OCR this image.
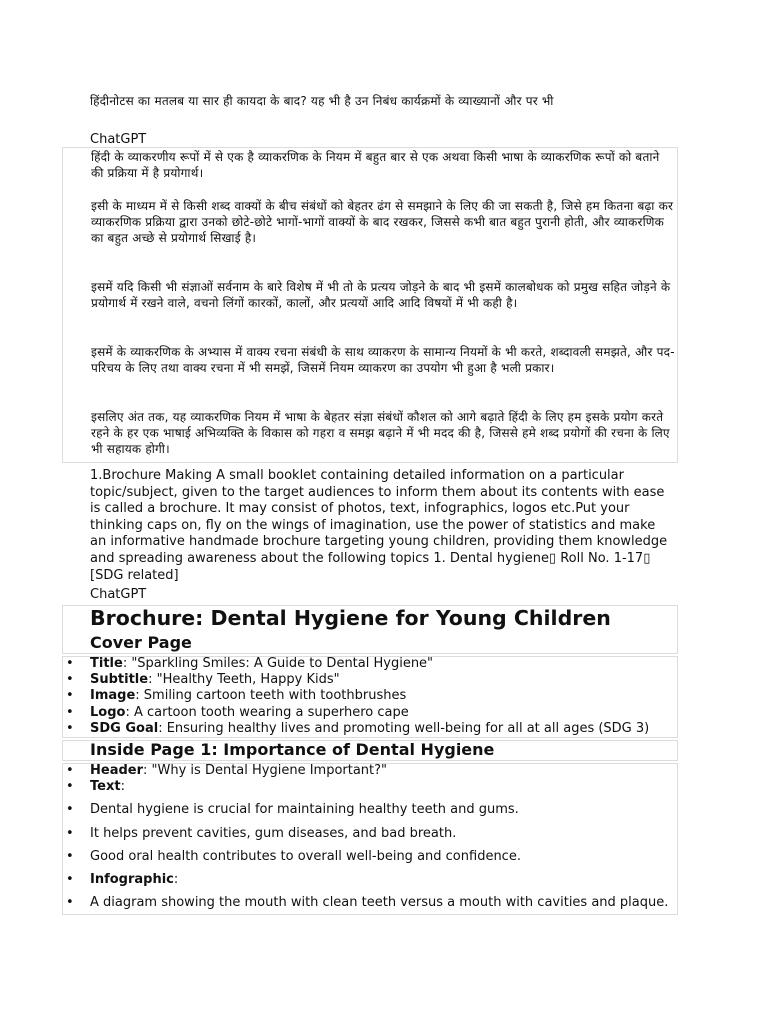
हिंदीनोटस का मतलब या सार ही कायदा के बाद? यह भी है उन निबंध कार्यक्रमों के व्याख्यानों और पर भी
ChatGPT

हिंदी के व्याकरणीय रूपों में से एक है व्याकरणिक के नियम में बहुत बार से एक अथवा किसी भाषा के व्याकरणिक रूपों को बताने की प्रक्रिया में है प्रयोगार्थ।

इसी के माध्यम में से किसी शब्द वाक्यों के बीच संबंधों को बेहतर ढंग से समझाने के लिए की जा सकती है, जिसे हम कितना बढ़ा कर व्याकरणिक प्रक्रिया द्वारा उनको छोटे-छोटे भागों-भागों वाक्यों के बाद रखकर, जिससे कभी बात बहुत पुरानी होती, और व्याकरणिक का बहुत अच्छे से प्रयोगार्थ सिखाई है।

इसमें यदि किसी भी संज्ञाओं सर्वनाम के बारे विशेष में भी तो के प्रत्यय जोड़ने के बाद भी इसमें कालबोधक को प्रमुख सहित जोड़ने के प्रयोगार्थ में रखने वाले, वचनो लिंगों कारकों, कालों, और प्रत्ययों आदि आदि विषयों में भी कही है।

इसमें के व्याकरणिक के अभ्यास में वाक्य रचना संबंधी के साथ व्याकरण के सामान्य नियमों के भी करते, शब्दावली समझते, और पद-परिचय के लिए तथा वाक्य रचना में भी समझें, जिसमें नियम व्याकरण का उपयोग भी हुआ है भली प्रकार।

इसलिए अंत तक, यह व्याकरणिक नियम में भाषा के बेहतर संज्ञा संबंधों कौशल को आगे बढ़ाते हिंदी के लिए हम इसके प्रयोग करते रहने के हर एक भाषाई अभिव्यक्ति के विकास को गहरा व समझ बढ़ाने में भी मदद की है, जिससे हमे शब्द प्रयोगों की रचना के लिए भी सहायक होगी।

1.Brochure Making A small booklet containing detailed information on a particular topic/subject, given to the target audiences to inform them about its contents with ease is called a brochure. It may consist of photos, text, infographics, logos etc.Put your thinking caps on, fly on the wings of imagination, use the power of statistics and make an informative handmade brochure targeting young children, providing them knowledge and spreading awareness about the following topics 1. Dental hygiene▯ Roll No. 1-17▯ [SDG related]
ChatGPT
Brochure: Dental Hygiene for Young Children
Cover Page
• Title: "Sparkling Smiles: A Guide to Dental Hygiene"
• Subtitle: "Healthy Teeth, Happy Kids"
• Image: Smiling cartoon teeth with toothbrushes
• Logo: A cartoon tooth wearing a superhero cape
• SDG Goal: Ensuring healthy lives and promoting well-being for all at all ages (SDG 3)
Inside Page 1: Importance of Dental Hygiene
• Header: "Why is Dental Hygiene Important?"
• Text:
• Dental hygiene is crucial for maintaining healthy teeth and gums.
• It helps prevent cavities, gum diseases, and bad breath.
• Good oral health contributes to overall well-being and confidence.
• Infographic:
• A diagram showing the mouth with clean teeth versus a mouth with cavities and plaque.
